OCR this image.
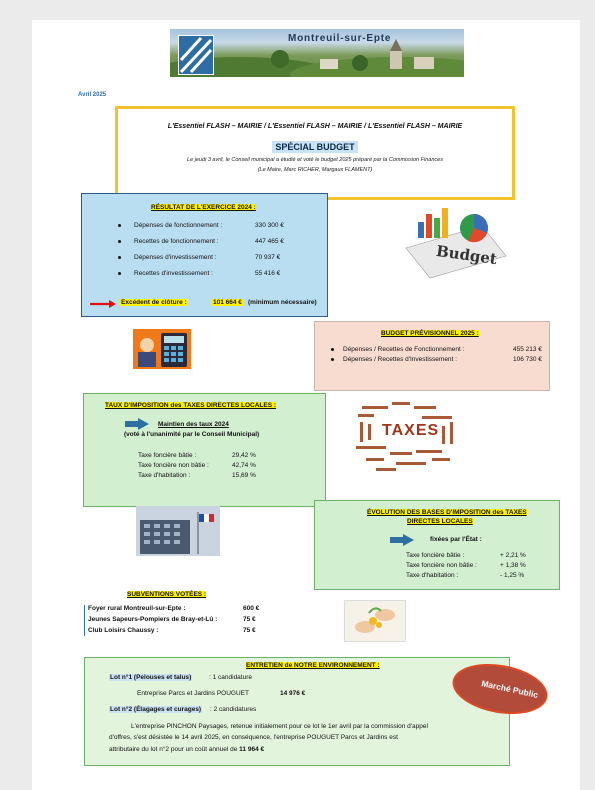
Montreuil-sur-Epte
Avril 2025
L'Essentiel FLASH – MAIRIE / L'Essentiel FLASH – MAIRIE / L'Essentiel FLASH – MAIRIE
SPÉCIAL BUDGET
Le jeudi 3 avril, le Conseil municipal a étudié et voté le budget 2025 préparé par la Commission Finances
(Le Maire, Marc RICHER, Margaux FLAMENT)
RÉSULTAT DE L'EXERCICE 2024 :
Dépenses de fonctionnement :	330 300 €
Recettes de fonctionnement :	447 465 €
Dépenses d'investissement :	70 937 €
Recettes d'investissement :	55 416 €
Excédent de clôture :	101 664 € (minimum nécessaire)
Budget
BUDGET PRÉVISIONNEL 2025 :
Dépenses / Recettes de Fonctionnement :	455 213 €
Dépenses / Recettes d'Investissement :	106 730 €
TAUX D'IMPOSITION des TAXES DIRECTES LOCALES :
Maintien des taux 2024
(voté à l'unanimité par le Conseil Municipal)
Taxe foncière bâtie :	29,42 %
Taxe foncière non bâtie :	42,74 %
Taxe d'habitation :	15,69 %
TAXES
ÉVOLUTION DES BASES D'IMPOSITION des TAXES
DIRECTES LOCALES
fixées par l'État :
Taxe foncière bâtie :	+ 2,21 %
Taxe foncière non bâtie :	+ 1,38 %
Taxe d'habitation :	- 1,25 %
SUBVENTIONS VOTÉES :
Foyer rural Montreuil-sur-Epte :	600 €
Jeunes Sapeurs-Pompiers de Bray-et-Lû :	75 €
Club Loisirs Chaussy :	75 €
ENTRETIEN de NOTRE ENVIRONNEMENT :
Lot n°1 (Pelouses et talus)	: 1 candidature
Entreprise Parcs et Jardins POUGUET	14 976 €
Lot n°2 (Élagages et curages) : 2 candidatures
L'entreprise PINCHON Paysages, retenue initialement pour ce lot le 1er avril par la commission d'appel
d'offres, s'est désistée le 14 avril 2025, en conséquence, l'entreprise POUGUET Parcs et Jardins est
attributaire du lot n°2 pour un coût annuel de 11 964 €
Marché Public
